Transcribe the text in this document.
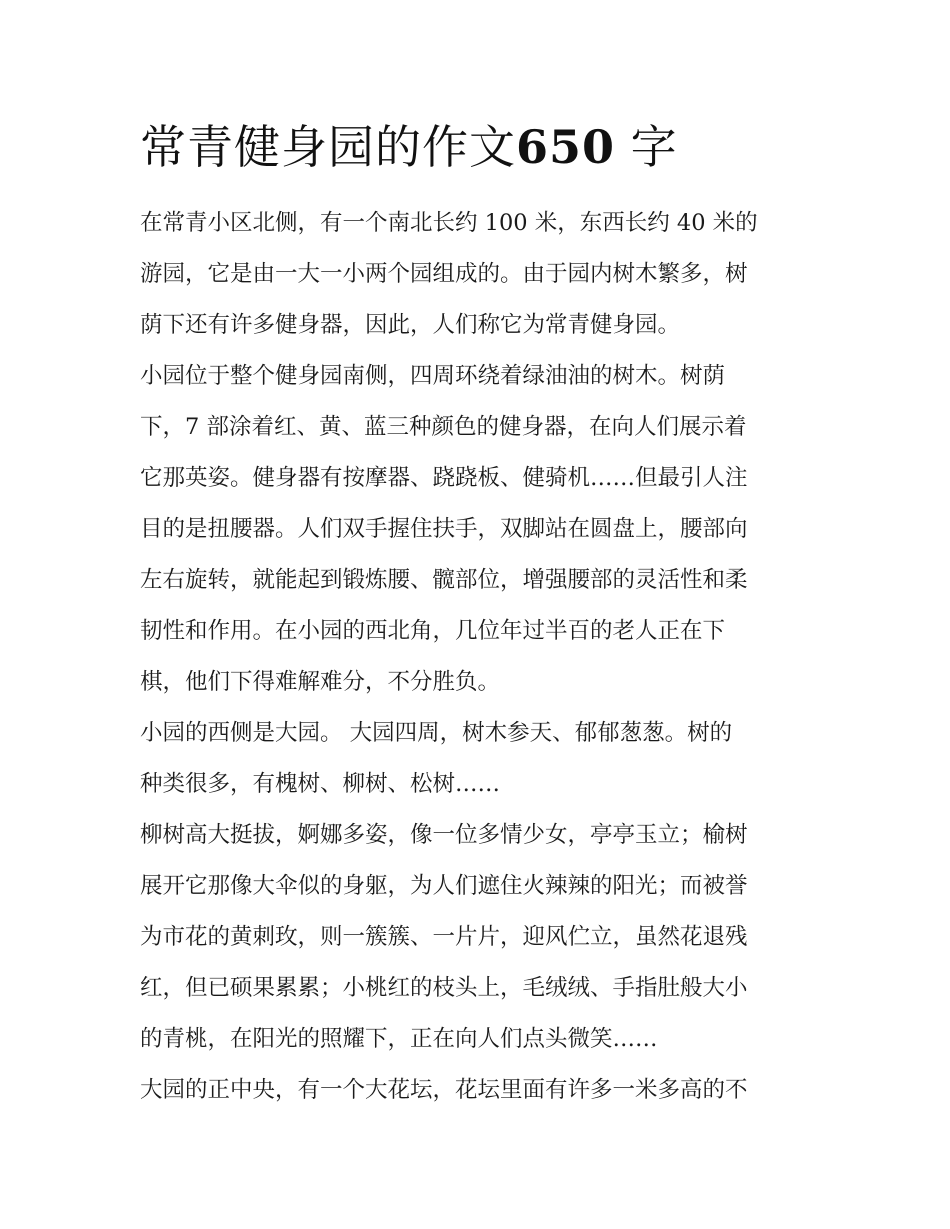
常青健身园的作文650 字

在常青小区北侧，有一个南北长约 100 米，东西长约 40 米的
游园，它是由一大一小两个园组成的。由于园内树木繁多，树
荫下还有许多健身器，因此，人们称它为常青健身园。

小园位于整个健身园南侧，四周环绕着绿油油的树木。树荫
下，7 部涂着红、黄、蓝三种颜色的健身器，在向人们展示着
它那英姿。健身器有按摩器、跷跷板、健骑机……但最引人注
目的是扭腰器。人们双手握住扶手，双脚站在圆盘上，腰部向
左右旋转，就能起到锻炼腰、髋部位，增强腰部的灵活性和柔
韧性和作用。在小园的西北角，几位年过半百的老人正在下
棋，他们下得难解难分，不分胜负。

小园的西侧是大园。 大园四周，树木参天、郁郁葱葱。树的
种类很多，有槐树、柳树、松树……

柳树高大挺拔，婀娜多姿，像一位多情少女，亭亭玉立；榆树
展开它那像大伞似的身躯，为人们遮住火辣辣的阳光；而被誉
为市花的黄刺玫，则一簇簇、一片片，迎风伫立，虽然花退残
红，但已硕果累累；小桃红的枝头上，毛绒绒、手指肚般大小
的青桃，在阳光的照耀下，正在向人们点头微笑……

大园的正中央，有一个大花坛，花坛里面有许多一米多高的不
